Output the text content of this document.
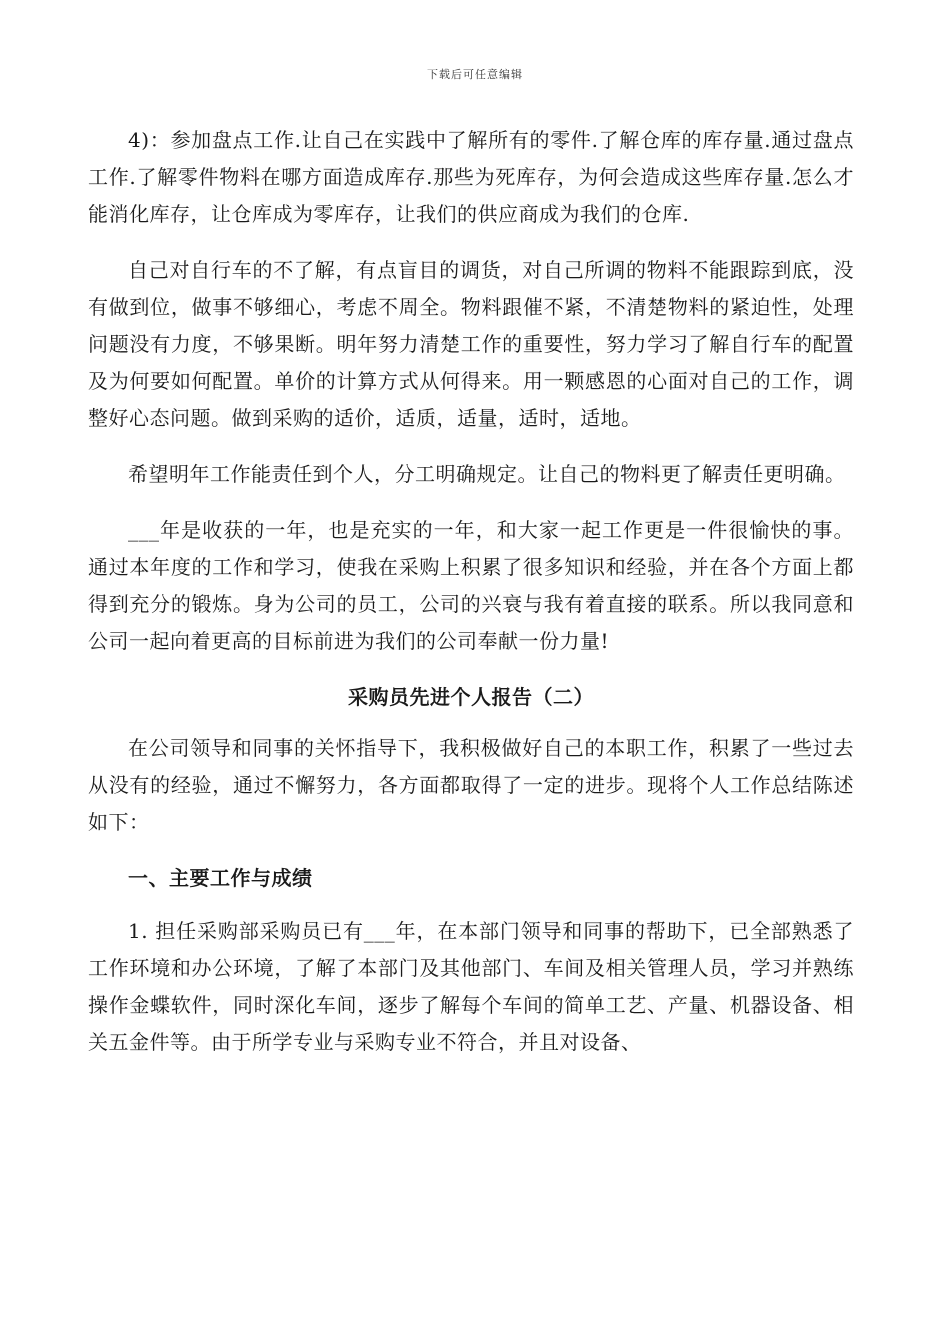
下载后可任意编辑

4)：参加盘点工作.让自己在实践中了解所有的零件.了解仓库的库存量.通过盘点工作.了解零件物料在哪方面造成库存.那些为死库存，为何会造成这些库存量.怎么才能消化库存，让仓库成为零库存，让我们的供应商成为我们的仓库.

自己对自行车的不了解，有点盲目的调货，对自己所调的物料不能跟踪到底，没有做到位，做事不够细心，考虑不周全。物料跟催不紧，不清楚物料的紧迫性，处理问题没有力度，不够果断。明年努力清楚工作的重要性，努力学习了解自行车的配置及为何要如何配置。单价的计算方式从何得来。用一颗感恩的心面对自己的工作，调整好心态问题。做到采购的适价，适质，适量，适时，适地。

希望明年工作能责任到个人，分工明确规定。让自己的物料更了解责任更明确。

___年是收获的一年，也是充实的一年，和大家一起工作更是一件很愉快的事。通过本年度的工作和学习，使我在采购上积累了很多知识和经验，并在各个方面上都得到充分的锻炼。身为公司的员工，公司的兴衰与我有着直接的联系。所以我同意和公司一起向着更高的目标前进为我们的公司奉献一份力量!

采购员先进个人报告（二）

在公司领导和同事的关怀指导下，我积极做好自己的本职工作，积累了一些过去从没有的经验，通过不懈努力，各方面都取得了一定的进步。现将个人工作总结陈述如下：

一、主要工作与成绩

1. 担任采购部采购员已有___年，在本部门领导和同事的帮助下，已全部熟悉了工作环境和办公环境，了解了本部门及其他部门、车间及相关管理人员，学习并熟练操作金蝶软件，同时深化车间，逐步了解每个车间的简单工艺、产量、机器设备、相关五金件等。由于所学专业与采购专业不符合，并且对设备、
